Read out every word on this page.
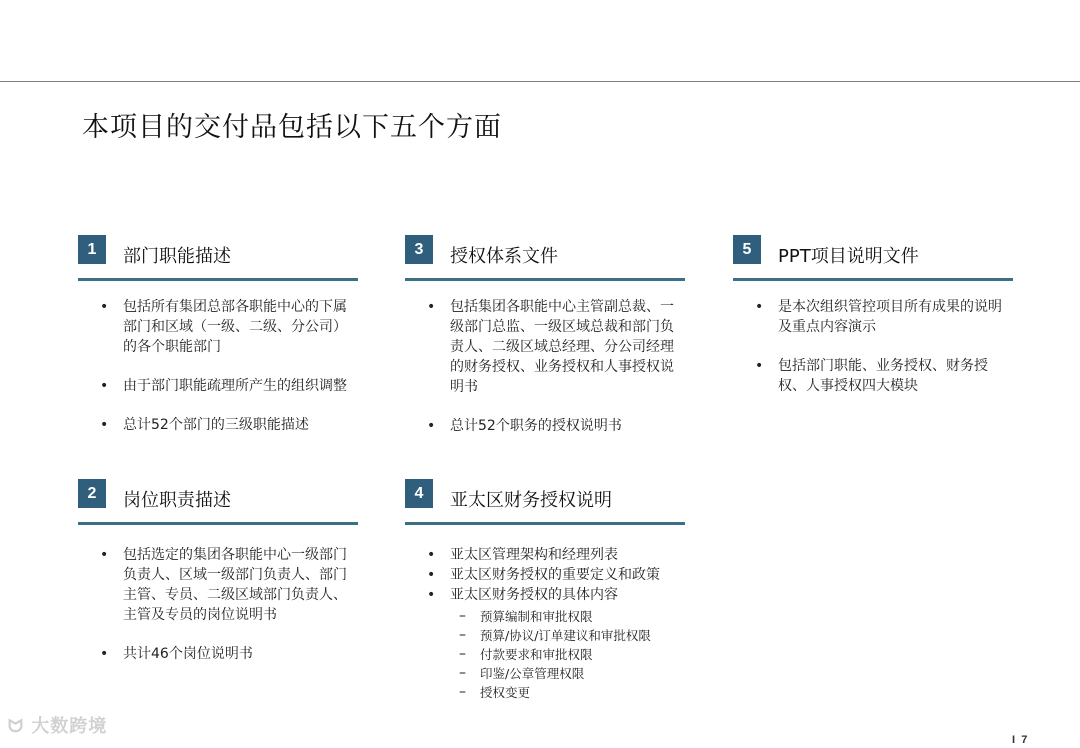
本项目的交付品包括以下五个方面
1	部门职能描述
• 包括所有集团总部各职能中心的下属部门和区域（一级、二级、分公司）的各个职能部门
• 由于部门职能疏理所产生的组织调整
• 总计52个部门的三级职能描述
2	岗位职责描述
• 包括选定的集团各职能中心一级部门负责人、区域一级部门负责人、部门主管、专员、二级区域部门负责人、主管及专员的岗位说明书
• 共计46个岗位说明书
3	授权体系文件
• 包括集团各职能中心主管副总裁、一级部门总监、一级区域总裁和部门负责人、二级区域总经理、分公司经理的财务授权、业务授权和人事授权说明书
• 总计52个职务的授权说明书
4	亚太区财务授权说明
• 亚太区管理架构和经理列表
• 亚太区财务授权的重要定义和政策
• 亚太区财务授权的具体内容
– 预算编制和审批权限
– 预算/协议/订单建议和审批权限
– 付款要求和审批权限
– 印鉴/公章管理权限
– 授权变更
5	PPT项目说明文件
• 是本次组织管控项目所有成果的说明及重点内容演示
• 包括部门职能、业务授权、财务授权、人事授权四大模块
ᗢ 大数跨境
I 7
